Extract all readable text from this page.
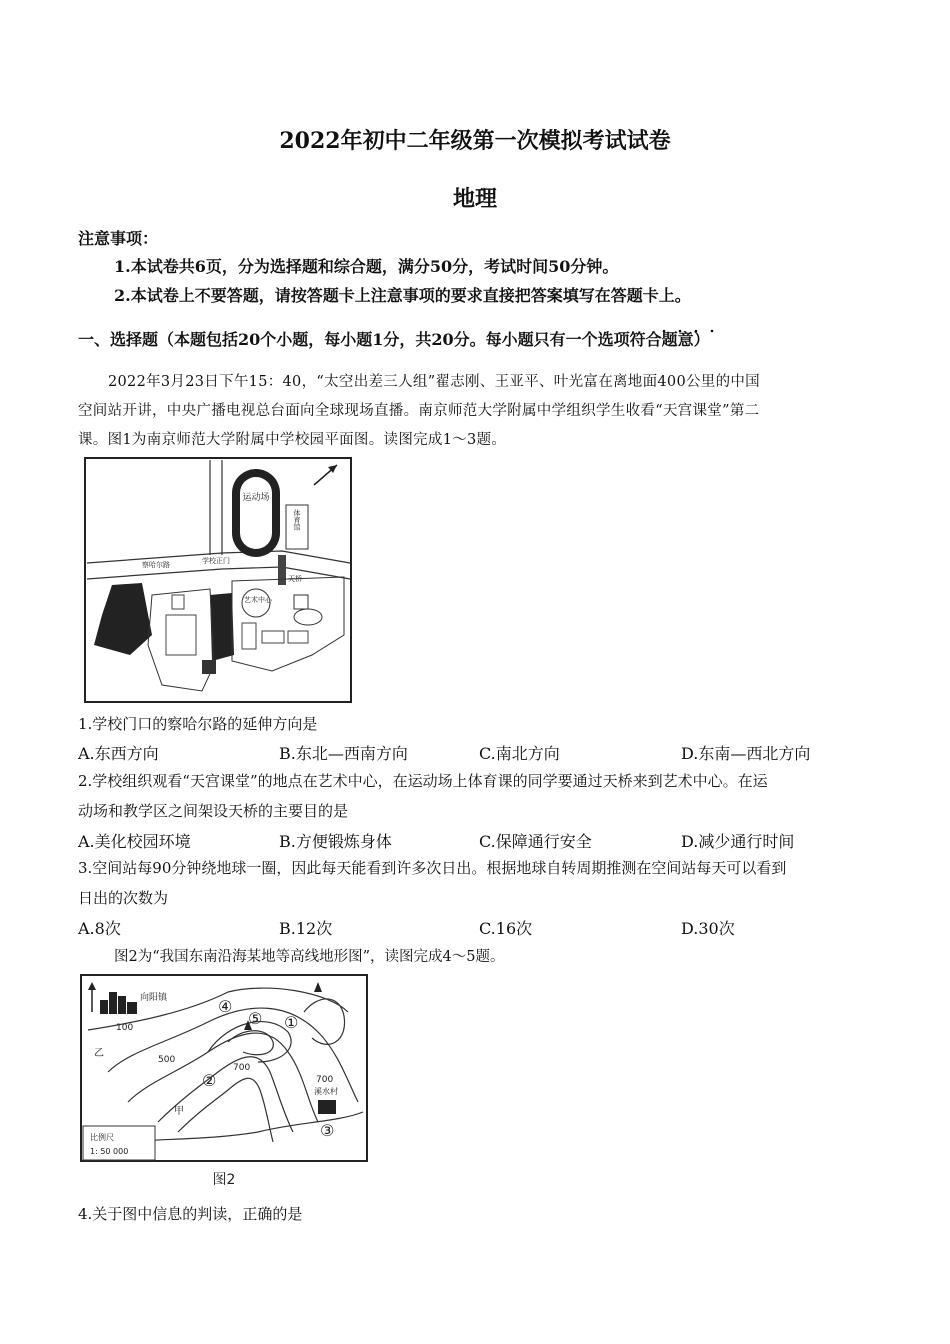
2022年初中二年级第一次模拟考试试卷
地理
注意事项：
1.本试卷共6页，分为选择题和综合题，满分50分，考试时间50分钟。
2.本试卷上不要答题，请按答题卡上注意事项的要求直接把答案填写在答题卡上。
一、选择题（本题包括20个小题，每小题1分，共20分。每小题只有一个选项符合题意）
2022年3月23日下午15：40，“太空出差三人组”翟志刚、王亚平、叶光富在离地面400公里的中国
空间站开讲，中央广播电视总台面向全球现场直播。南京师范大学附属中学组织学生收看“天宫课堂”第二
课。图1为南京师范大学附属中学校园平面图。读图完成1～3题。
运动场
体育馆
察哈尔路	学校正门
天桥
艺术中心
1.学校门口的察哈尔路的延伸方向是
A.东西方向	B.东北—西南方向	C.南北方向	D.东南—西北方向
2.学校组织观看“天宫课堂”的地点在艺术中心，在运动场上体育课的同学要通过天桥来到艺术中心。在运
动场和教学区之间架设天桥的主要目的是
A.美化校园环境	B.方便锻炼身体	C.保障通行安全	D.减少通行时间
3.空间站每90分钟绕地球一圈，因此每天能看到许多次日出。根据地球自转周期推测在空间站每天可以看到
日出的次数为
A.8次	B.12次	C.16次	D.30次
图2为“我国东南沿海某地等高线地形图”，读图完成4～5题。
向阳镇
溪水村
100
500
700
700
乙
甲
④
⑤ ①
②
③
比例尺
1: 50 000
图2
4.关于图中信息的判读，正确的是
